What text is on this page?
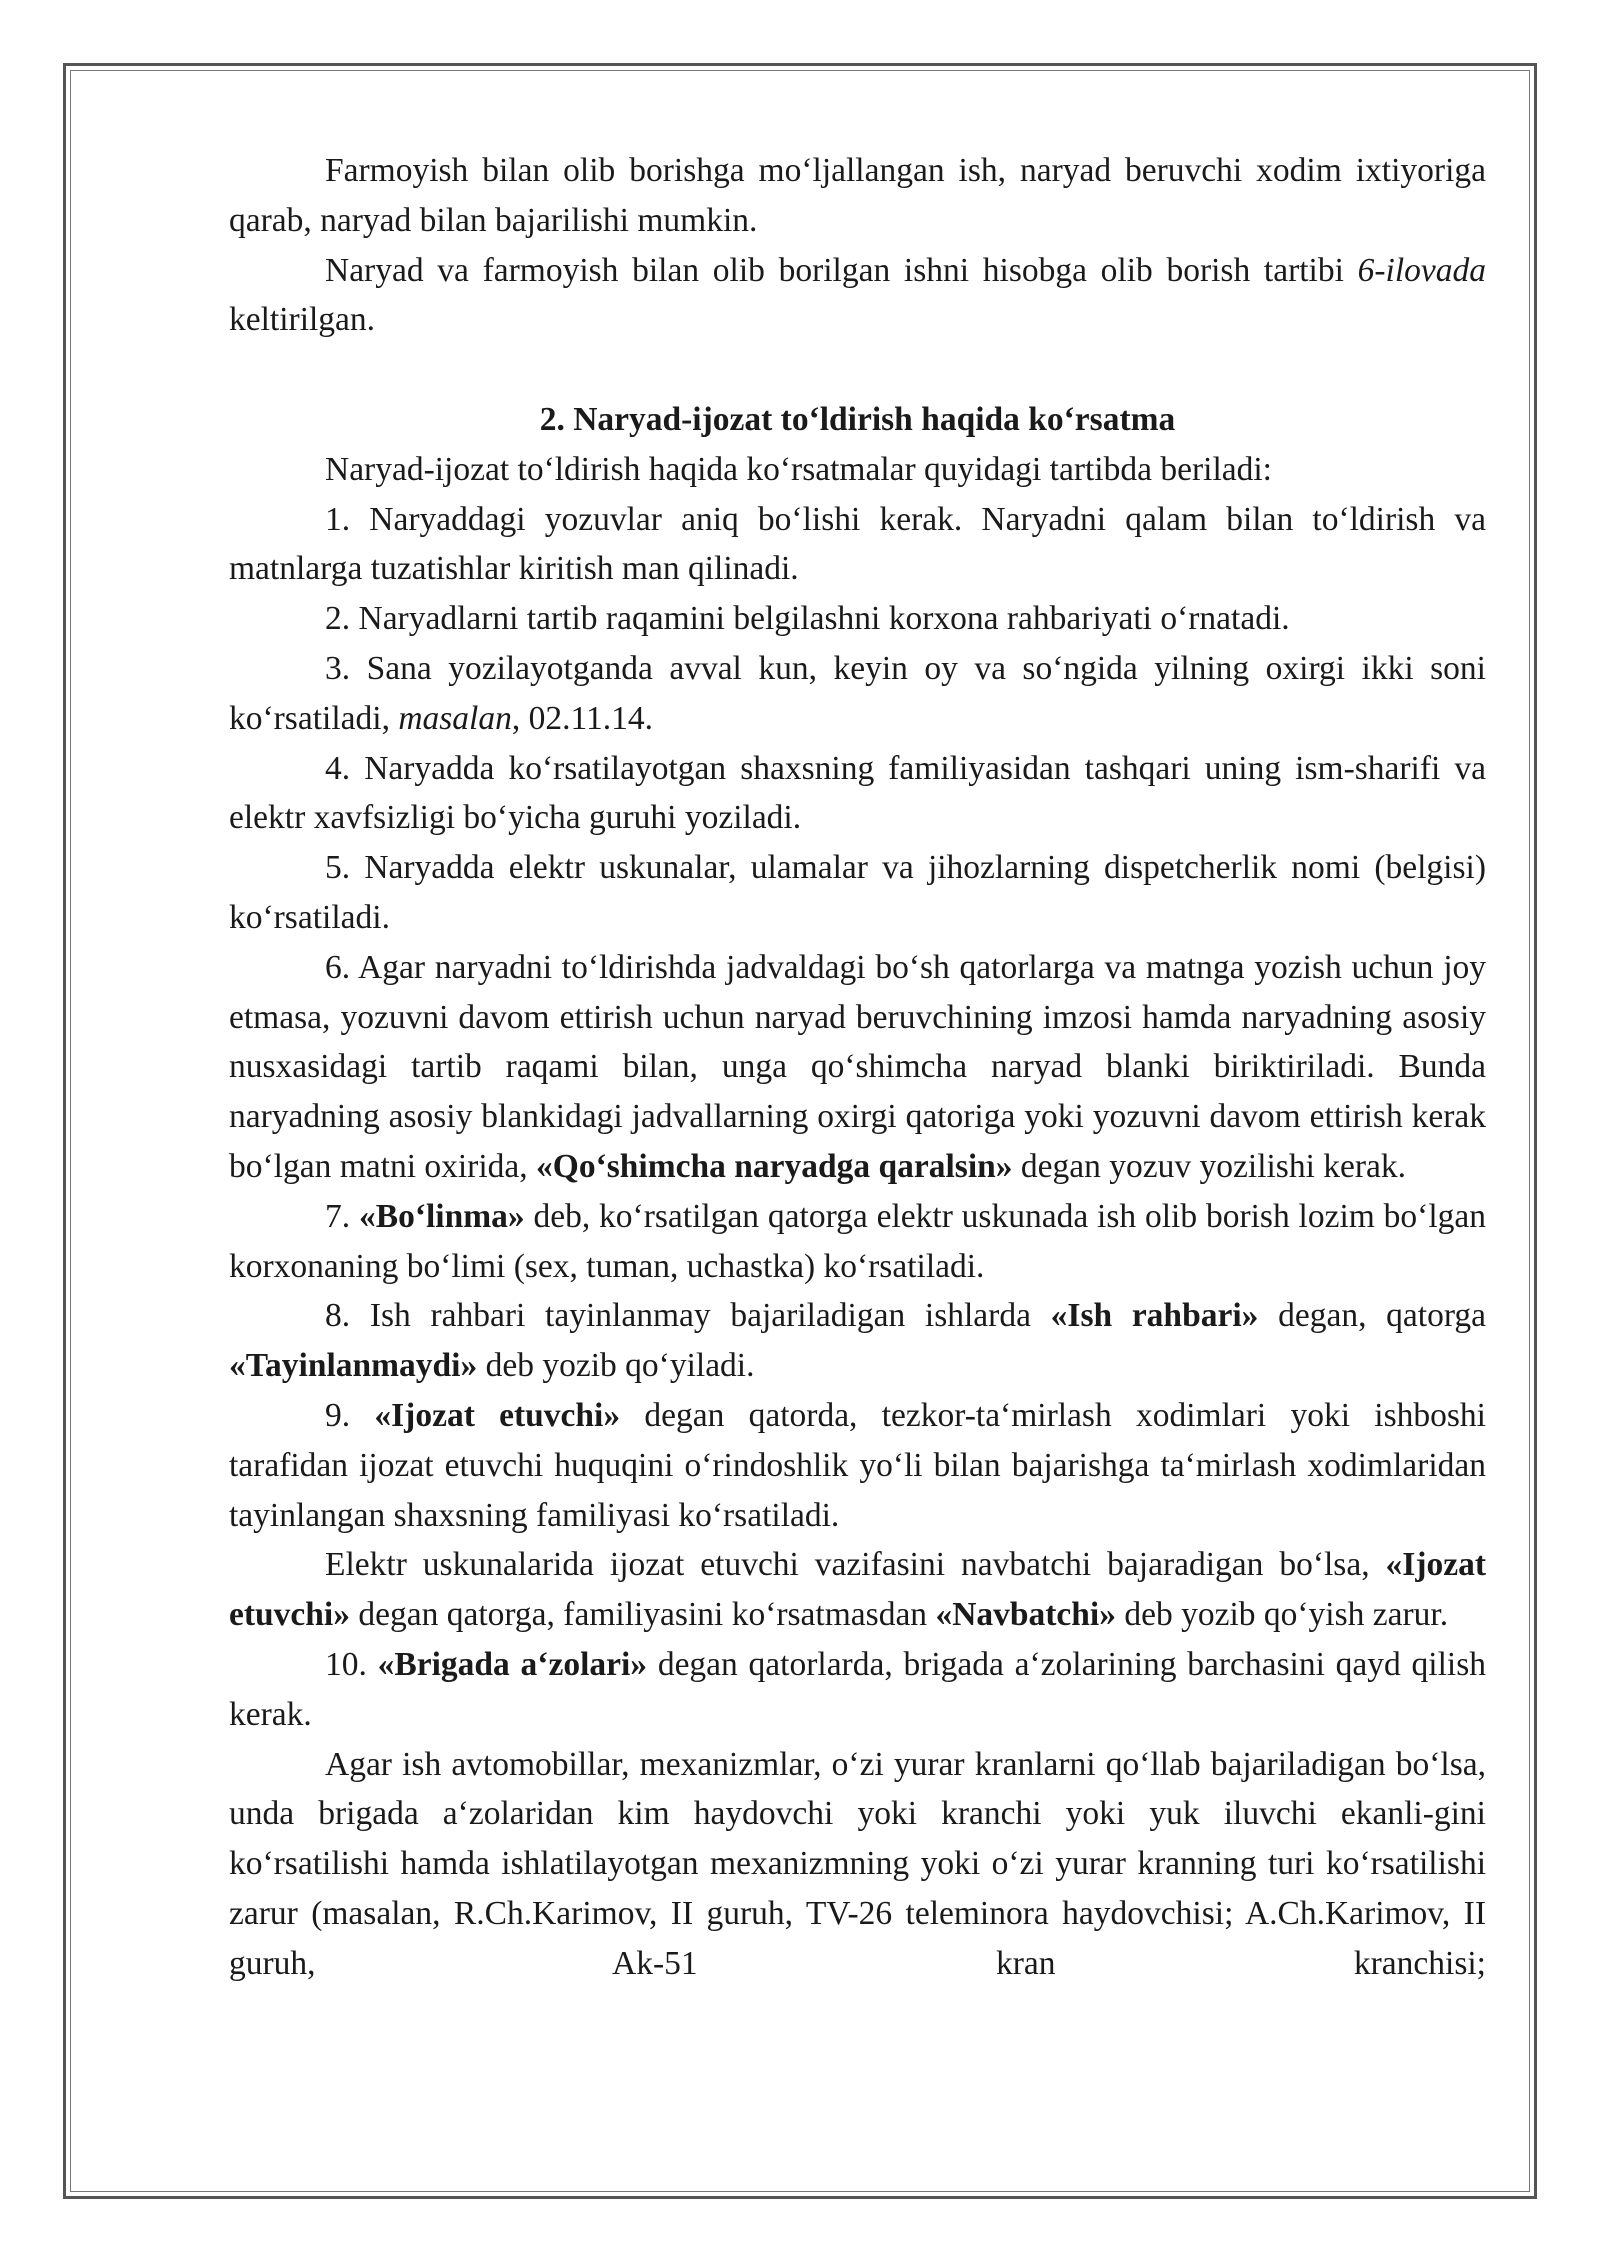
Farmoyish bilan olib borishga mo‘ljallangan ish, naryad beruvchi xodim ixtiyoriga qarab, naryad bilan bajarilishi mumkin.

Naryad va farmoyish bilan olib borilgan ishni hisobga olib borish tartibi 6-ilovada keltirilgan.

2. Naryad-ijozat to‘ldirish haqida ko‘rsatma

Naryad-ijozat to‘ldirish haqida ko‘rsatmalar quyidagi tartibda beriladi:

1. Naryaddagi yozuvlar aniq bo‘lishi kerak. Naryadni qalam bilan to‘ldirish va matnlarga tuzatishlar kiritish man qilinadi.

2. Naryadlarni tartib raqamini belgilashni korxona rahbariyati o‘rnatadi.

3. Sana yozilayotganda avval kun, keyin oy va so‘ngida yilning oxirgi ikki soni ko‘rsatiladi, masalan, 02.11.14.

4. Naryadda ko‘rsatilayotgan shaxsning familiyasidan tashqari uning ism-sharifi va elektr xavfsizligi bo‘yicha guruhi yoziladi.

5. Naryadda elektr uskunalar, ulamalar va jihozlarning dispetcherlik nomi (belgisi) ko‘rsatiladi.

6. Agar naryadni to‘ldirishda jadvaldagi bo‘sh qatorlarga va matnga yozish uchun joy etmasa, yozuvni davom ettirish uchun naryad beruvchining imzosi hamda naryadning asosiy nusxasidagi tartib raqami bilan, unga qo‘shimcha naryad blanki biriktiriladi. Bunda naryadning asosiy blankidagi jadvallarning oxirgi qatoriga yoki yozuvni davom ettirish kerak bo‘lgan matni oxirida, «Qo‘shimcha naryadga qaralsin» degan yozuv yozilishi kerak.

7. «Bo‘linma» deb, ko‘rsatilgan qatorga elektr uskunada ish olib borish lozim bo‘lgan korxonaning bo‘limi (sex, tuman, uchastka) ko‘rsatiladi.

8. Ish rahbari tayinlanmay bajariladigan ishlarda «Ish rahbari» degan, qatorga «Tayinlanmaydi» deb yozib qo‘yiladi.

9. «Ijozat etuvchi» degan qatorda, tezkor-ta‘mirlash xodimlari yoki ishboshi tarafidan ijozat etuvchi huquqini o‘rindoshlik yo‘li bilan bajarishga ta‘mirlash xodimlaridan tayinlangan shaxsning familiyasi ko‘rsatiladi.

Elektr uskunalarida ijozat etuvchi vazifasini navbatchi bajaradigan bo‘lsa, «Ijozat etuvchi» degan qatorga, familiyasini ko‘rsatmasdan «Navbatchi» deb yozib qo‘yish zarur.

10. «Brigada a‘zolari» degan qatorlarda, brigada a‘zolarining barchasini qayd qilish kerak.

Agar ish avtomobillar, mexanizmlar, o‘zi yurar kranlarni qo‘llab bajariladigan bo‘lsa, unda brigada a‘zolaridan kim haydovchi yoki kranchi yoki yuk iluvchi ekanli-gini ko‘rsatilishi hamda ishlatilayotgan mexanizmning yoki o‘zi yurar kranning turi ko‘rsatilishi zarur (masalan, R.Ch.Karimov, II guruh, TV-26 teleminora haydovchisi; A.Ch.Karimov, II guruh, Ak-51 kran kranchisi;
